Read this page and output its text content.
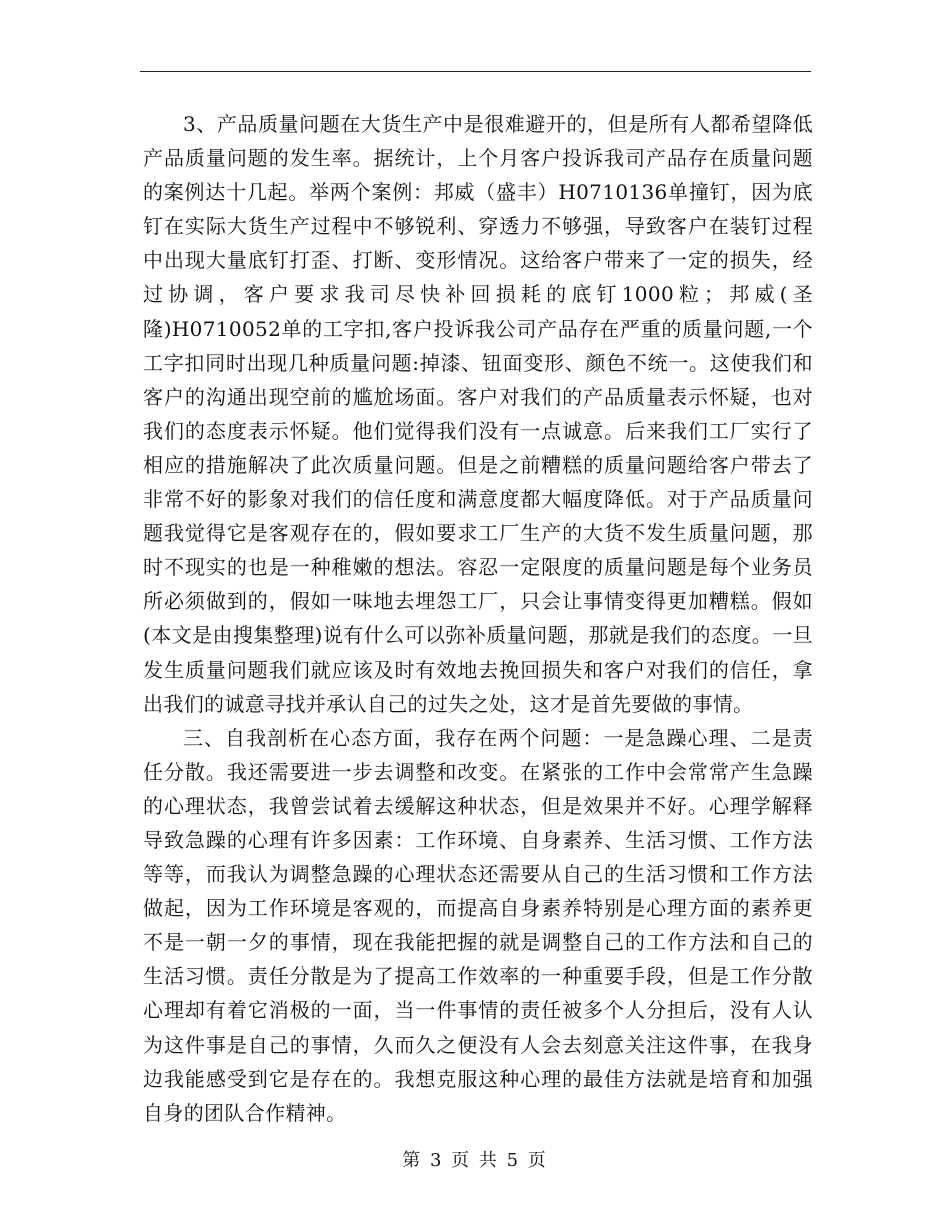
3、产品质量问题在大货生产中是很难避开的，但是所有人都希望降低产品质量问题的发生率。据统计，上个月客户投诉我司产品存在质量问题的案例达十几起。举两个案例：邦威（盛丰）H0710136单撞钉，因为底钉在实际大货生产过程中不够锐利、穿透力不够强，导致客户在装钉过程中出现大量底钉打歪、打断、变形情况。这给客户带来了一定的损失，经过协调，客户要求我司尽快补回损耗的底钉1000粒；邦威(圣隆)H0710052单的工字扣,客户投诉我公司产品存在严重的质量问题,一个工字扣同时出现几种质量问题:掉漆、钮面变形、颜色不统一。这使我们和客户的沟通出现空前的尴尬场面。客户对我们的产品质量表示怀疑，也对我们的态度表示怀疑。他们觉得我们没有一点诚意。后来我们工厂实行了相应的措施解决了此次质量问题。但是之前糟糕的质量问题给客户带去了非常不好的影象对我们的信任度和满意度都大幅度降低。对于产品质量问题我觉得它是客观存在的，假如要求工厂生产的大货不发生质量问题，那时不现实的也是一种稚嫩的想法。容忍一定限度的质量问题是每个业务员所必须做到的，假如一味地去埋怨工厂，只会让事情变得更加糟糕。假如(本文是由搜集整理)说有什么可以弥补质量问题，那就是我们的态度。一旦发生质量问题我们就应该及时有效地去挽回损失和客户对我们的信任，拿出我们的诚意寻找并承认自己的过失之处，这才是首先要做的事情。

三、自我剖析在心态方面，我存在两个问题：一是急躁心理、二是责任分散。我还需要进一步去调整和改变。在紧张的工作中会常常产生急躁的心理状态，我曾尝试着去缓解这种状态，但是效果并不好。心理学解释导致急躁的心理有许多因素：工作环境、自身素养、生活习惯、工作方法等等，而我认为调整急躁的心理状态还需要从自己的生活习惯和工作方法做起，因为工作环境是客观的，而提高自身素养特别是心理方面的素养更不是一朝一夕的事情，现在我能把握的就是调整自己的工作方法和自己的生活习惯。责任分散是为了提高工作效率的一种重要手段，但是工作分散心理却有着它消极的一面，当一件事情的责任被多个人分担后，没有人认为这件事是自己的事情，久而久之便没有人会去刻意关注这件事，在我身边我能感受到它是存在的。我想克服这种心理的最佳方法就是培育和加强自身的团队合作精神。

第 3 页 共 5 页
